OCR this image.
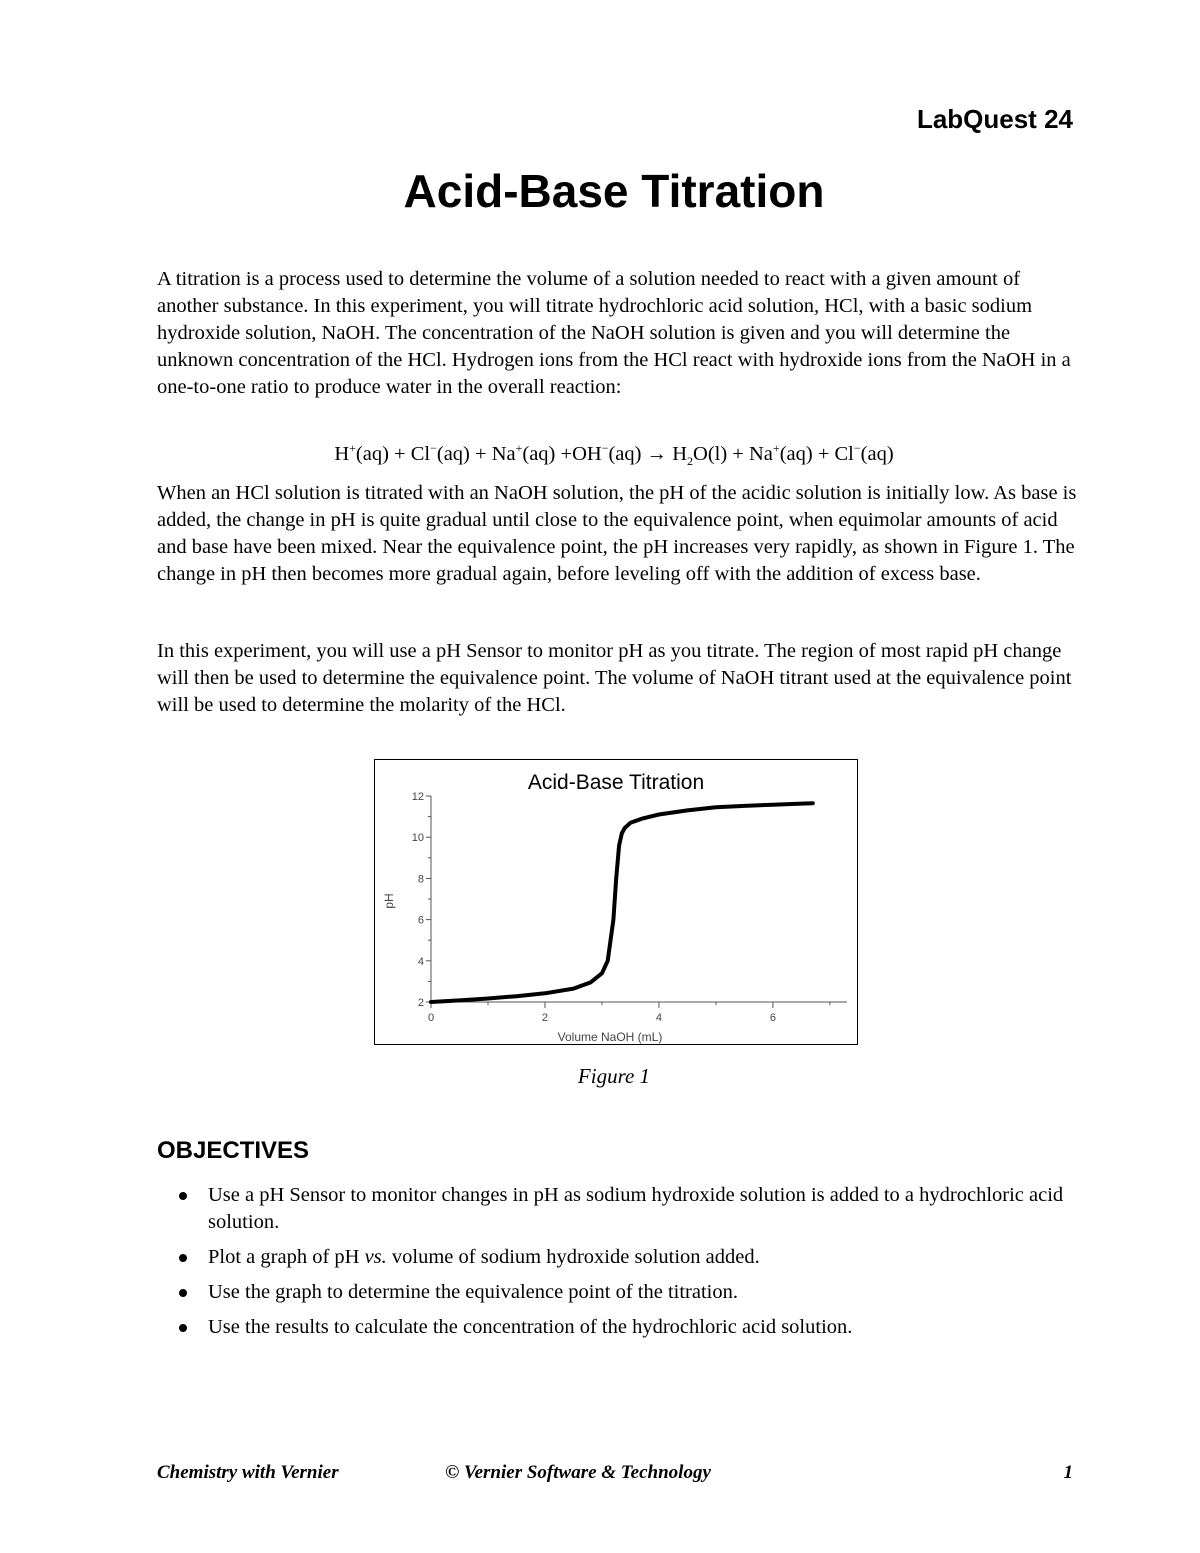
LabQuest 24
Acid-Base Titration
A titration is a process used to determine the volume of a solution needed to react with a given amount of another substance. In this experiment, you will titrate hydrochloric acid solution, HCl, with a basic sodium hydroxide solution, NaOH. The concentration of the NaOH solution is given and you will determine the unknown concentration of the HCl. Hydrogen ions from the HCl react with hydroxide ions from the NaOH in a one-to-one ratio to produce water in the overall reaction:
$H^+(aq) + Cl^-(aq) + Na^+(aq) +OH^-(aq) \to H_2O(l) + Na^+(aq) + Cl^-(aq)$
When an HCl solution is titrated with an NaOH solution, the pH of the acidic solution is initially low. As base is added, the change in pH is quite gradual until close to the equivalence point, when equimolar amounts of acid and base have been mixed. Near the equivalence point, the pH increases very rapidly, as shown in Figure 1. The change in pH then becomes more gradual again, before leveling off with the addition of excess base.
In this experiment, you will use a pH Sensor to monitor pH as you titrate. The region of most rapid pH change will then be used to determine the equivalence point. The volume of NaOH titrant used at the equivalence point will be used to determine the molarity of the HCl.
Acid-Base Titration
pH
Volume NaOH (mL)
2
4
6
8
10
12
0	2	4	6
Figure 1
OBJECTIVES
Use a pH Sensor to monitor changes in pH as sodium hydroxide solution is added to a hydrochloric acid solution.
Plot a graph of pH vs. volume of sodium hydroxide solution added.
Use the graph to determine the equivalence point of the titration.
Use the results to calculate the concentration of the hydrochloric acid solution.
Chemistry with Vernier	© Vernier Software & Technology	1
